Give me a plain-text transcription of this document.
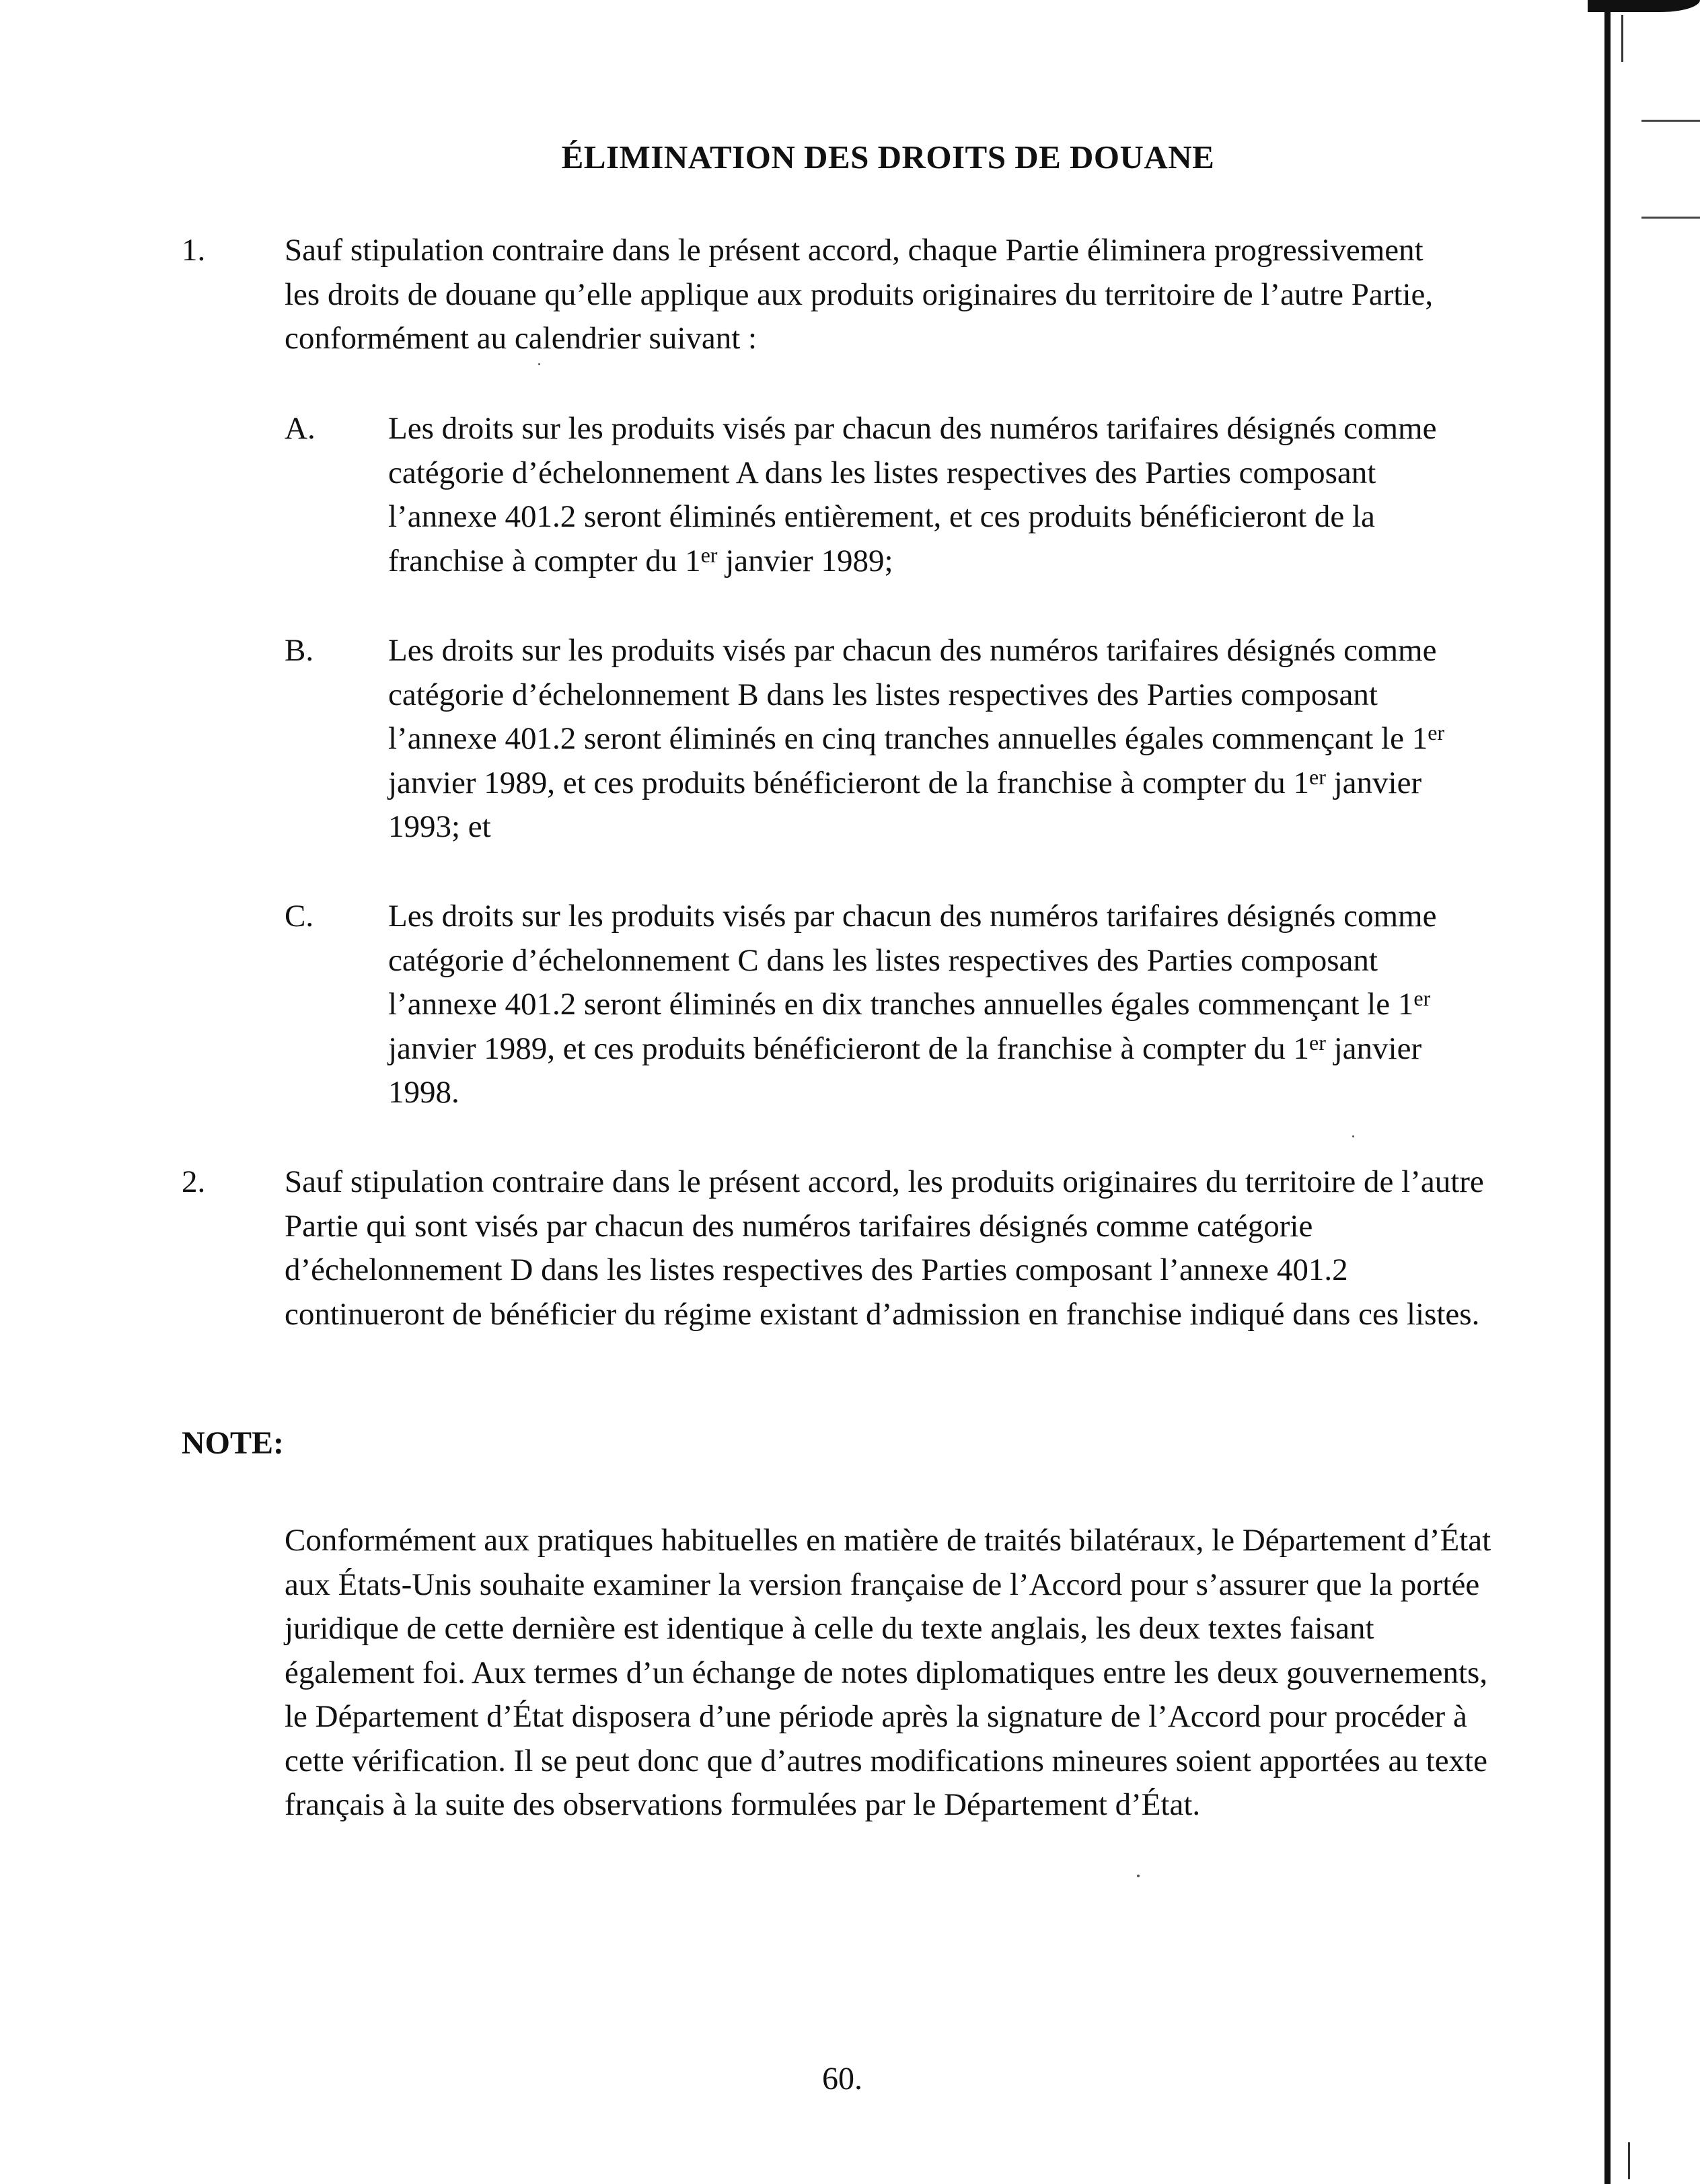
ÉLIMINATION DES DROITS DE DOUANE
1.	Sauf stipulation contraire dans le présent accord, chaque Partie éliminera progressivement les droits de douane qu’elle applique aux produits originaires du territoire de l’autre Partie, conformément au calendrier suivant :
A. Les droits sur les produits visés par chacun des numéros tarifaires désignés comme catégorie d’échelonnement A dans les listes respectives des Parties composant l’annexe 401.2 seront éliminés entièrement, et ces produits bénéficieront de la franchise à compter du 1er janvier 1989;
B. Les droits sur les produits visés par chacun des numéros tarifaires désignés comme catégorie d’échelonnement B dans les listes respectives des Parties composant l’annexe 401.2 seront éliminés en cinq tranches annuelles égales commençant le 1er janvier 1989, et ces produits bénéficieront de la franchise à compter du 1er janvier 1993; et
C. Les droits sur les produits visés par chacun des numéros tarifaires désignés comme catégorie d’échelonnement C dans les listes respectives des Parties composant l’annexe 401.2 seront éliminés en dix tranches annuelles égales commençant le 1er janvier 1989, et ces produits bénéficieront de la franchise à compter du 1er janvier 1998.
2.	Sauf stipulation contraire dans le présent accord, les produits originaires du territoire de l’autre Partie qui sont visés par chacun des numéros tarifaires désignés comme catégorie d’échelonnement D dans les listes respectives des Parties composant l’annexe 401.2 continueront de bénéficier du régime existant d’admission en franchise indiqué dans ces listes.
NOTE:
Conformément aux pratiques habituelles en matière de traités bilatéraux, le Département d’État aux États-Unis souhaite examiner la version française de l’Accord pour s’assurer que la portée juridique de cette dernière est identique à celle du texte anglais, les deux textes faisant également foi. Aux termes d’un échange de notes diplomatiques entre les deux gouvernements, le Département d’État disposera d’une période après la signature de l’Accord pour procéder à cette vérification. Il se peut donc que d’autres modifications mineures soient apportées au texte français à la suite des observations formulées par le Département d’État.
60.
